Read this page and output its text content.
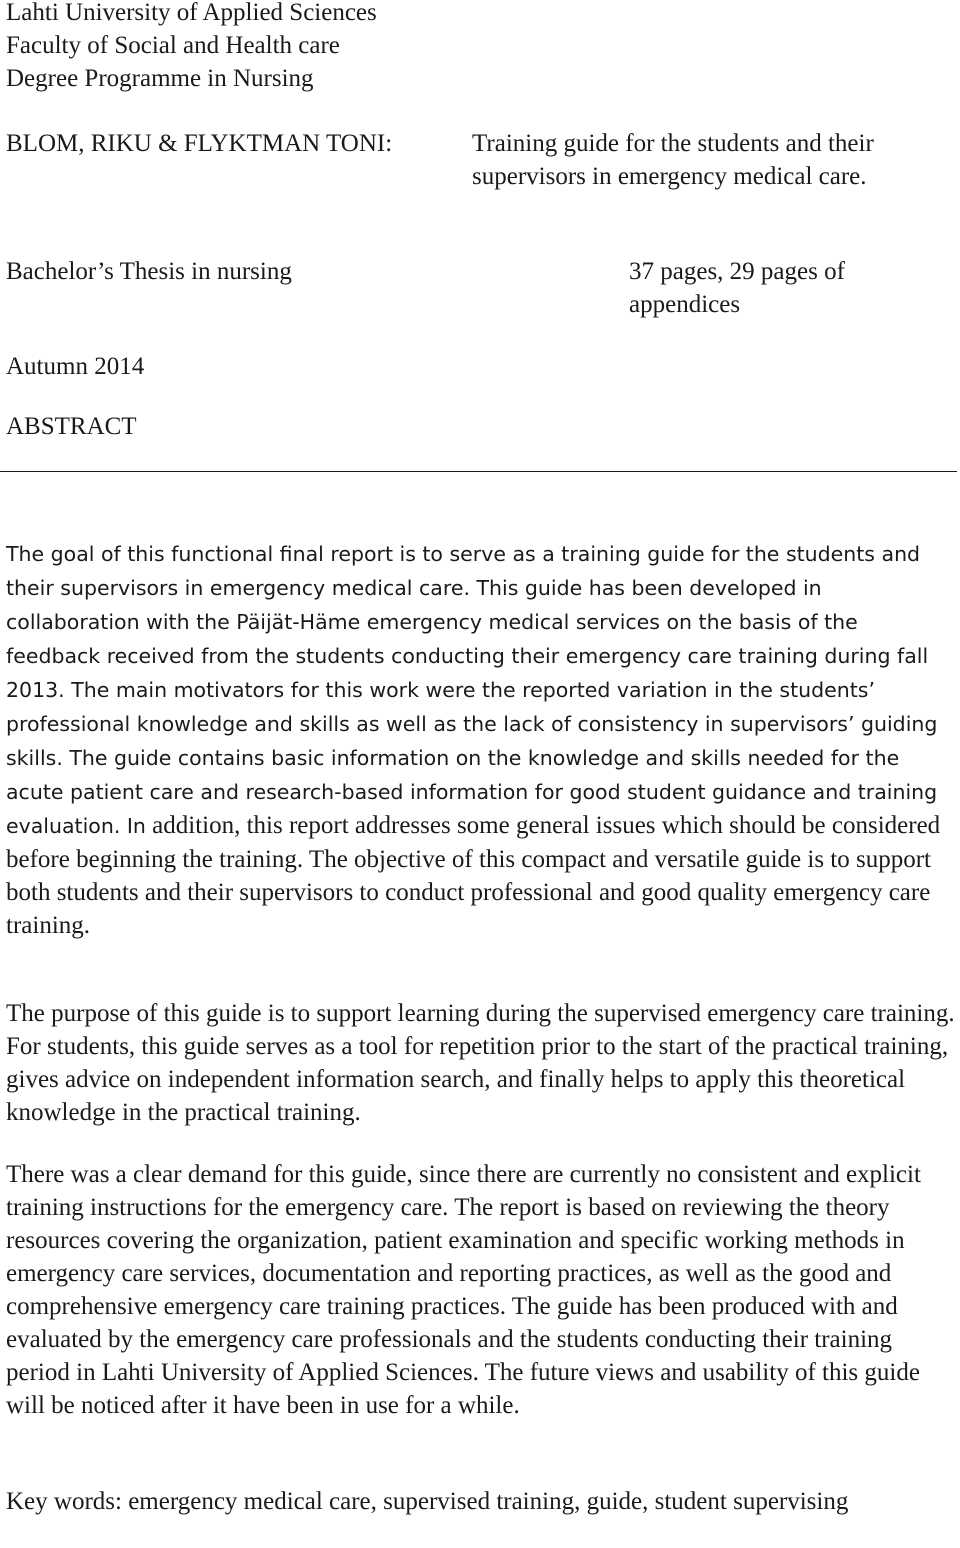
Lahti University of Applied Sciences
Faculty of Social and Health care
Degree Programme in Nursing
BLOM, RIKU & FLYKTMAN TONI:	Training guide for the students and their supervisors in emergency medical care.
Bachelor’s Thesis in nursing	37 pages, 29 pages of appendices
Autumn 2014
ABSTRACT

The goal of this functional final report is to serve as a training guide for the students and their supervisors in emergency medical care. This guide has been developed in collaboration with the Päijät-Häme emergency medical services on the basis of the feedback received from the students conducting their emergency care training during fall 2013. The main motivators for this work were the reported variation in the students’ professional knowledge and skills as well as the lack of consistency in supervisors’ guiding skills. The guide contains basic information on the knowledge and skills needed for the acute patient care and research-based information for good student guidance and training evaluation. In addition, this report addresses some general issues which should be considered before beginning the training. The objective of this compact and versatile guide is to support both students and their supervisors to conduct professional and good quality emergency care training.

The purpose of this guide is to support learning during the supervised emergency care training. For students, this guide serves as a tool for repetition prior to the start of the practical training, gives advice on independent information search, and finally helps to apply this theoretical knowledge in the practical training.

There was a clear demand for this guide, since there are currently no consistent and explicit training instructions for the emergency care. The report is based on reviewing the theory resources covering the organization, patient examination and specific working methods in emergency care services, documentation and reporting practices, as well as the good and comprehensive emergency care training practices. The guide has been produced with and evaluated by the emergency care professionals and the students conducting their training period in Lahti University of Applied Sciences. The future views and usability of this guide will be noticed after it have been in use for a while.

Key words: emergency medical care, supervised training, guide, student supervising
